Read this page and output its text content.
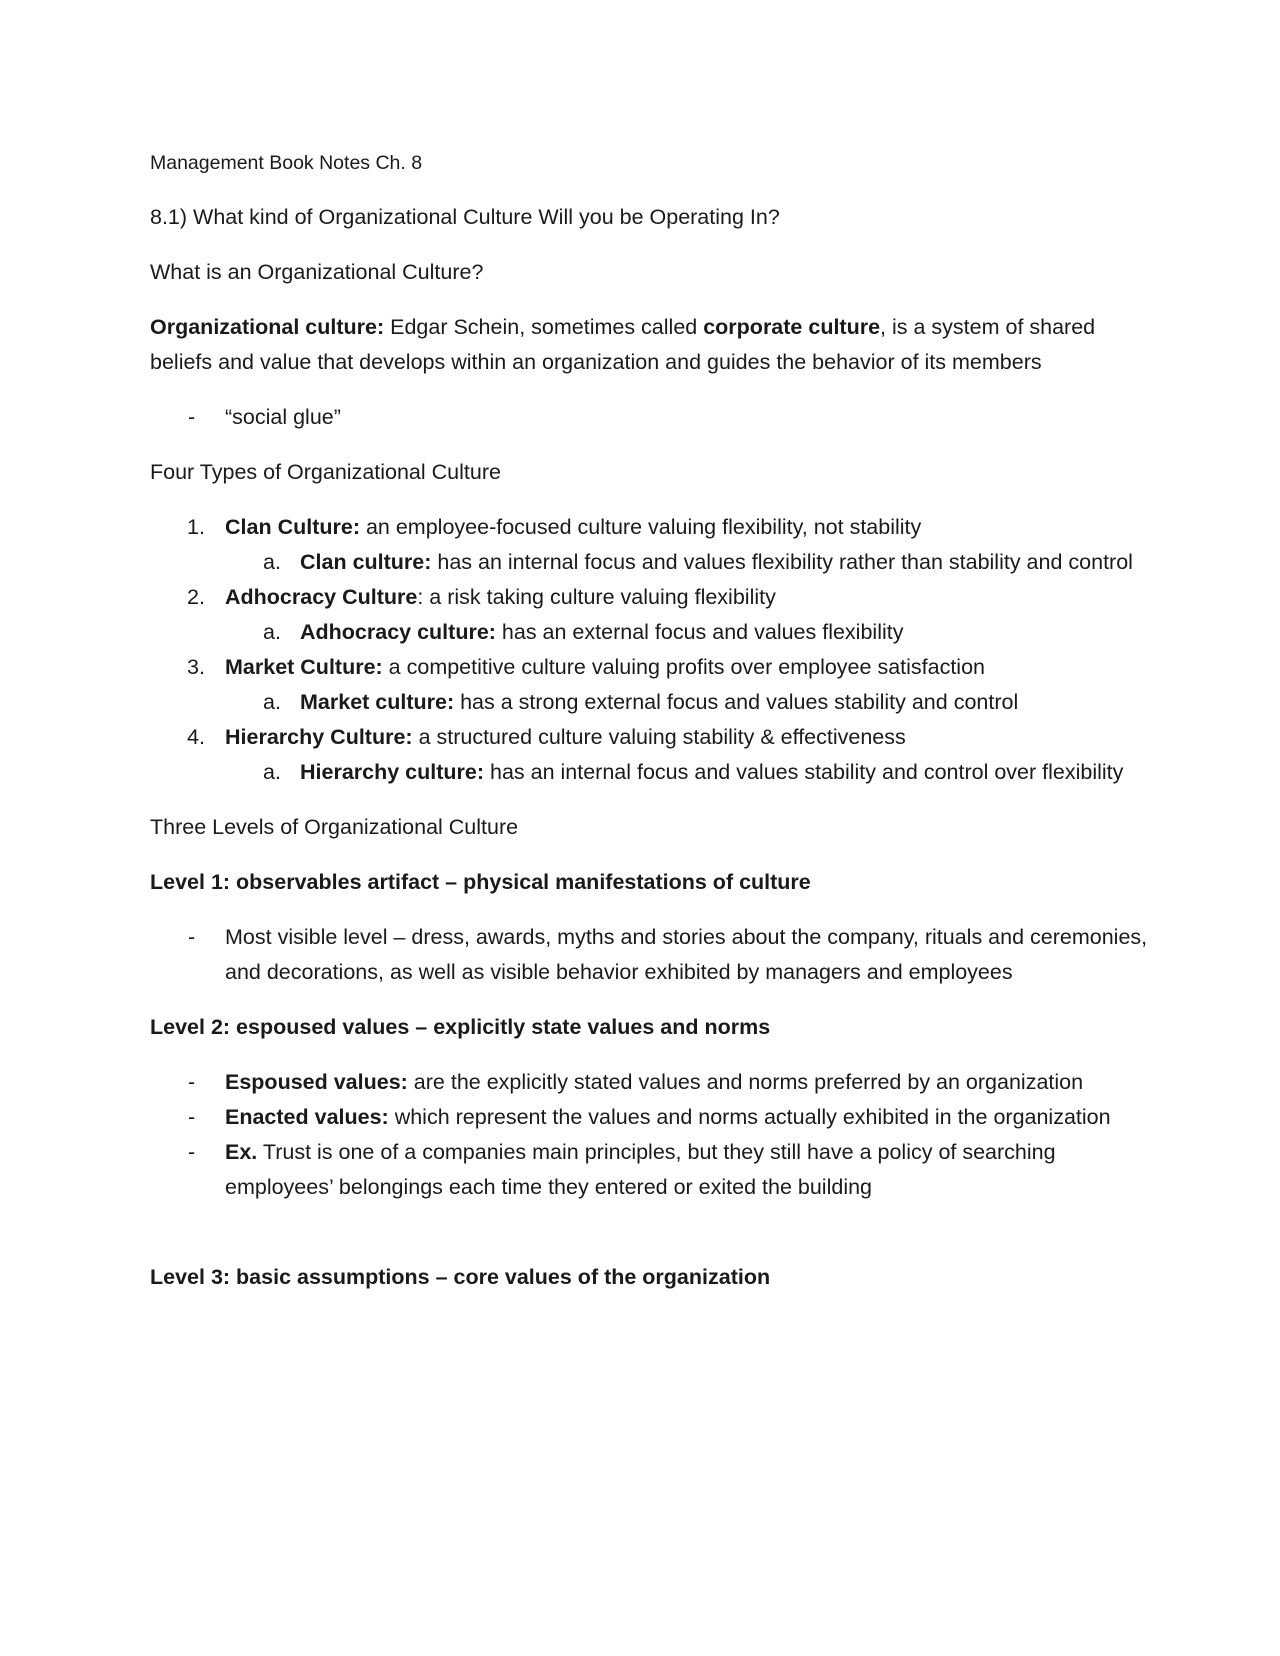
Management Book Notes Ch. 8

8.1) What kind of Organizational Culture Will you be Operating In?

What is an Organizational Culture?

Organizational culture: Edgar Schein, sometimes called corporate culture, is a system of shared beliefs and value that develops within an organization and guides the behavior of its members

- “social glue”

Four Types of Organizational Culture

1. Clan Culture: an employee-focused culture valuing flexibility, not stability
a. Clan culture: has an internal focus and values flexibility rather than stability and control
2. Adhocracy Culture: a risk taking culture valuing flexibility
a. Adhocracy culture: has an external focus and values flexibility
3. Market Culture: a competitive culture valuing profits over employee satisfaction
a. Market culture: has a strong external focus and values stability and control
4. Hierarchy Culture: a structured culture valuing stability & effectiveness
a. Hierarchy culture: has an internal focus and values stability and control over flexibility

Three Levels of Organizational Culture

Level 1: observables artifact – physical manifestations of culture

- Most visible level – dress, awards, myths and stories about the company, rituals and ceremonies, and decorations, as well as visible behavior exhibited by managers and employees

Level 2: espoused values – explicitly state values and norms

- Espoused values: are the explicitly stated values and norms preferred by an organization
- Enacted values: which represent the values and norms actually exhibited in the organization
- Ex. Trust is one of a companies main principles, but they still have a policy of searching employees’ belongings each time they entered or exited the building

Level 3: basic assumptions – core values of the organization
